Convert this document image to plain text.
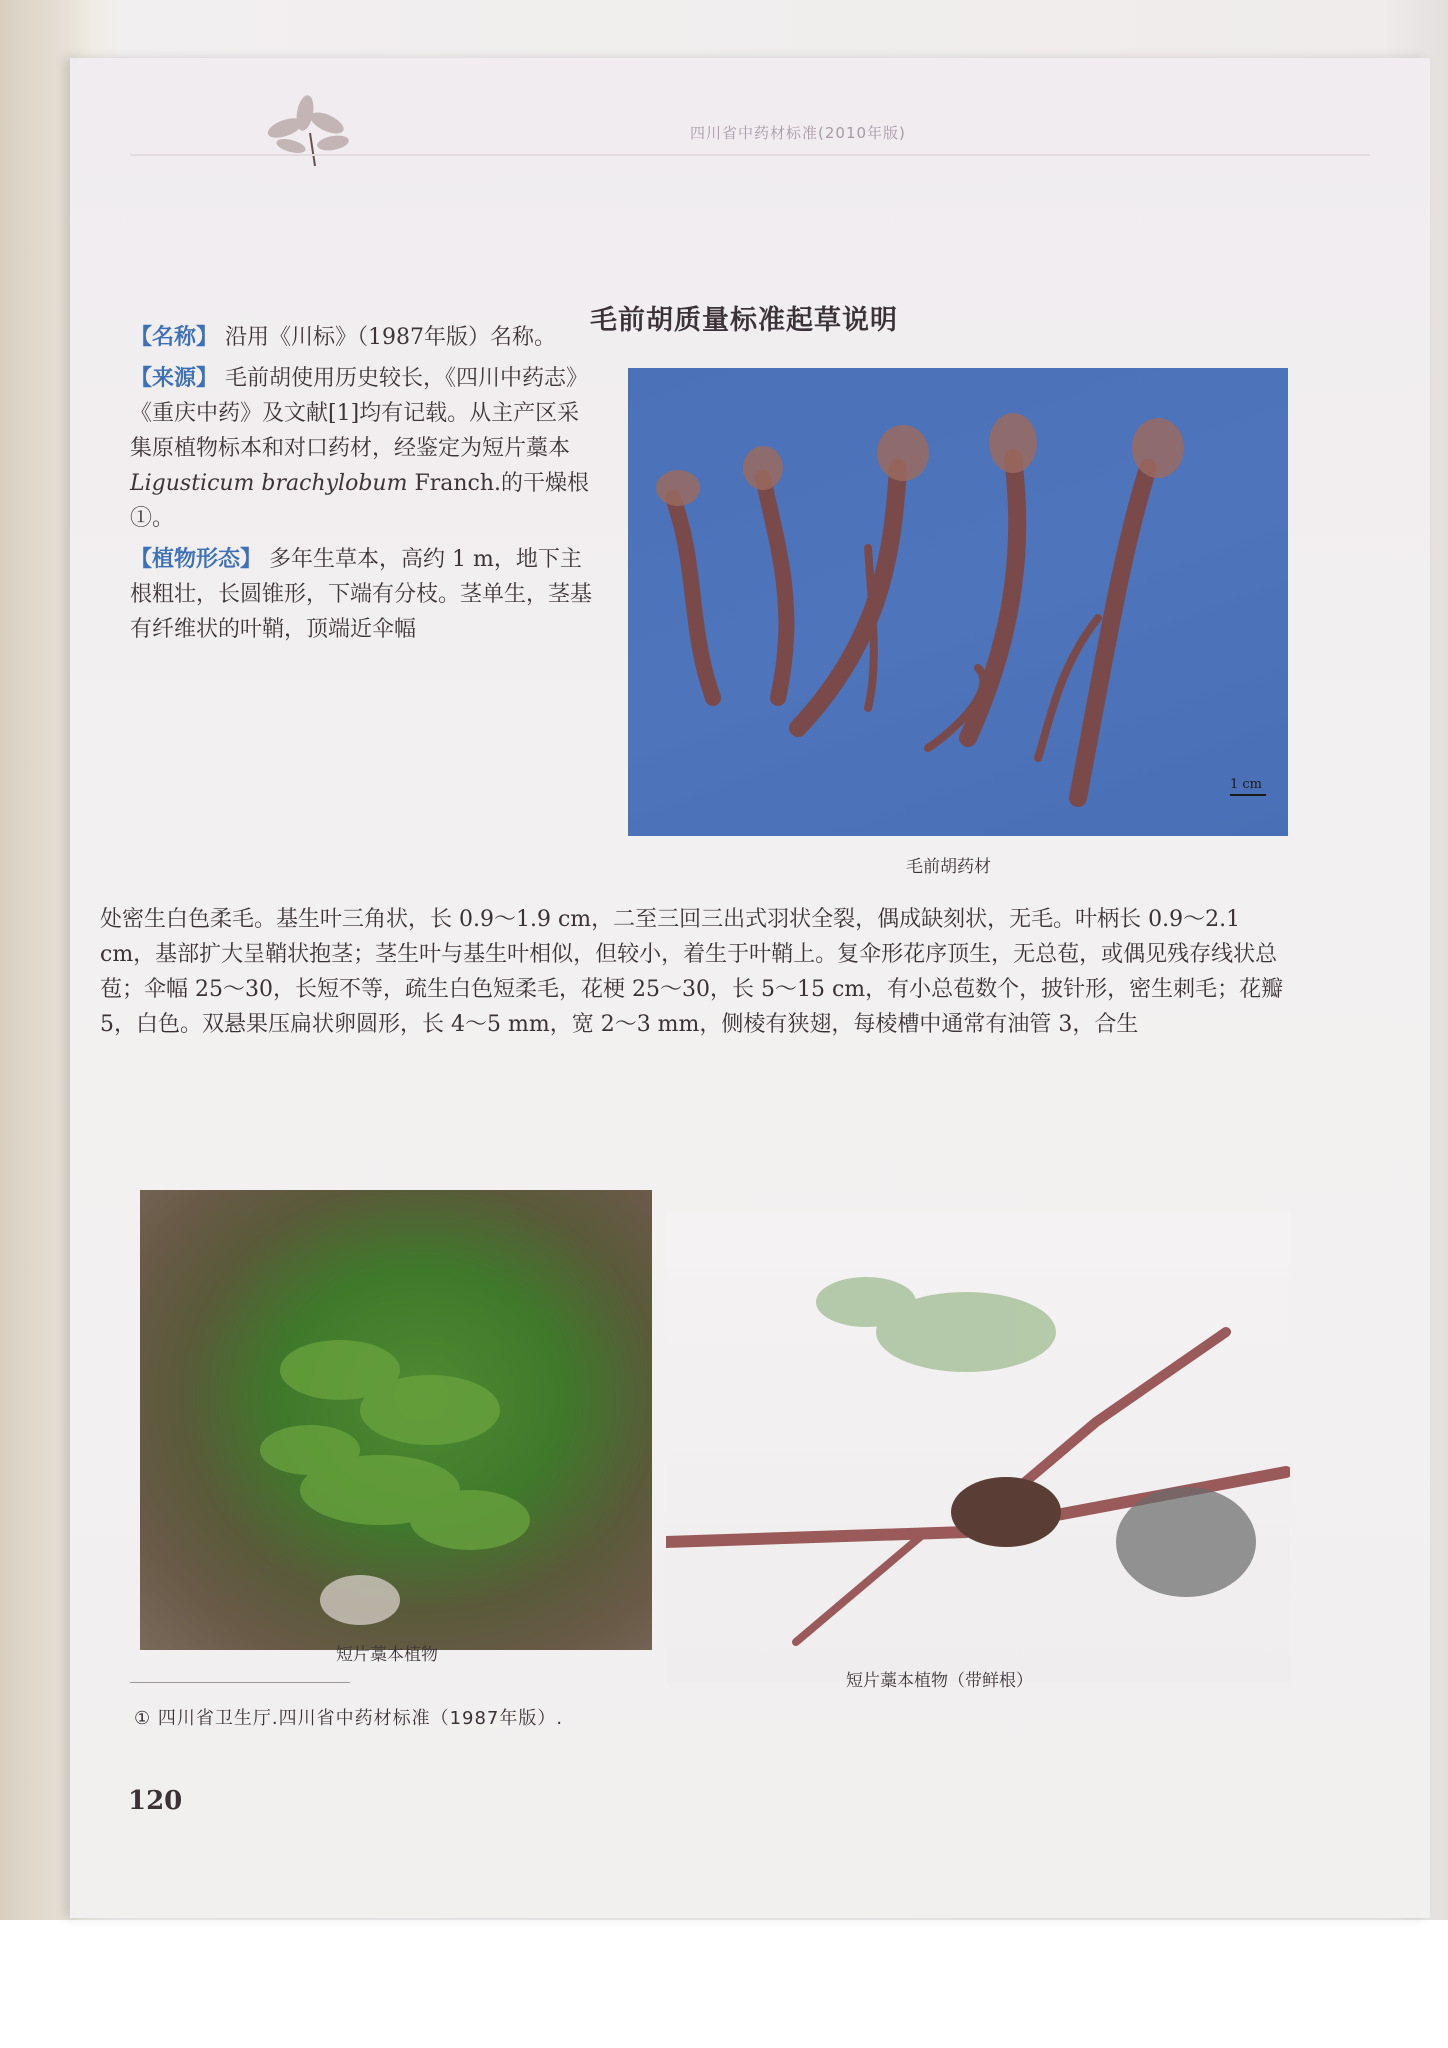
四川省中药材标准(2010年版)
毛前胡质量标准起草说明

【名称】 沿用《川标》（1987年版）名称。

【来源】 毛前胡使用历史较长，《四川中药志》《重庆中药》及文献[1]均有记载。从主产区采集原植物标本和对口药材，经鉴定为短片藁本 Ligusticum brachylobum Franch.的干燥根①。

【植物形态】 多年生草本，高约 1 m，地下主根粗壮，长圆锥形，下端有分枝。茎单生，茎基有纤维状的叶鞘，顶端近伞幅

1 cm
毛前胡药材
处密生白色柔毛。基生叶三角状，长 0.9～1.9 cm，二至三回三出式羽状全裂，偶成缺刻状，无毛。叶柄长 0.9～2.1 cm，基部扩大呈鞘状抱茎；茎生叶与基生叶相似，但较小，着生于叶鞘上。复伞形花序顶生，无总苞，或偶见残存线状总苞；伞幅 25～30，长短不等，疏生白色短柔毛，花梗 25～30，长 5～15 cm，有小总苞数个，披针形，密生刺毛；花瓣 5，白色。双悬果压扁状卵圆形，长 4～5 mm，宽 2～3 mm，侧棱有狭翅，每棱槽中通常有油管 3，合生
短片藁本植物
短片藁本植物（带鲜根）
① 四川省卫生厅.四川省中药材标准（1987年版）.
120
